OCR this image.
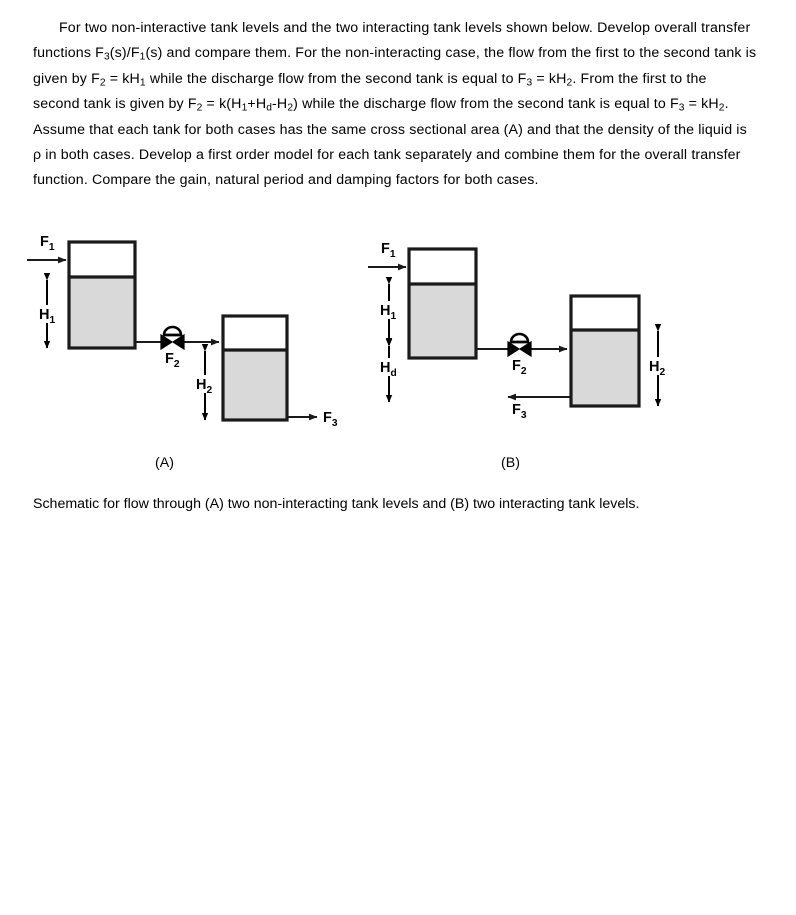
For two non-interactive tank levels and the two interacting tank levels shown below. Develop overall transfer functions $F_3(s)/F_1(s)$ and compare them. For the non-interacting case, the flow from the first to the second tank is given by $F_2 = kH_1$ while the discharge flow from the second tank is equal to $F_3 = kH_2$. From the first to the second tank is given by $F_2 = k(H_1+H_d-H_2)$ while the discharge flow from the second tank is equal to $F_3 = kH_2$. Assume that each tank for both cases has the same cross sectional area (A) and that the density of the liquid is ρ in both cases. Develop a first order model for each tank separately and combine them for the overall transfer function. Compare the gain, natural period and damping factors for both cases.
$F_1$
$H_1$
$F_2$
$H_2$
$F_3$
$F_1$
$H_1$
$H_d$	$F_2$	$H_2$
$F_3$
(A)	(B)
Schematic for flow through (A) two non-interacting tank levels and (B) two interacting tank levels.
